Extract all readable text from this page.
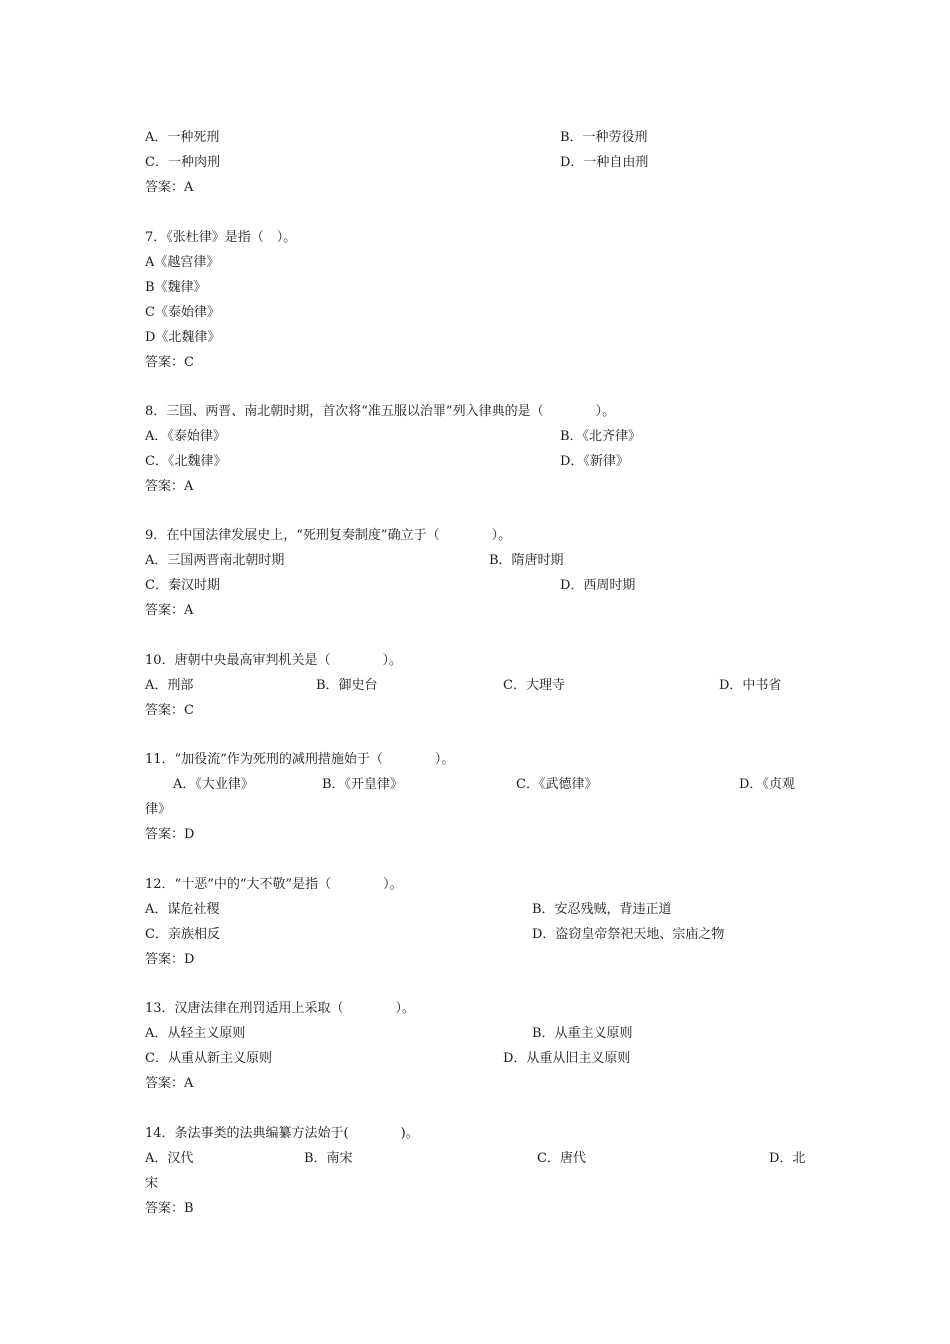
A．一种死刑	B．一种劳役刑
C．一种肉刑	D．一种自由刑
答案：A
7．《张杜律》是指（　）。
A《越宫律》
B《魏律》
C《泰始律》
D《北魏律》
答案：C
8．三国、两晋、南北朝时期，首次将“准五服以治罪”列入律典的是（　　　　）。
A．《泰始律》	B．《北齐律》
C．《北魏律》	D．《新律》
答案：A
9．在中国法律发展史上，“死刑复奏制度”确立于（　　　　）。
A．三国两晋南北朝时期	B．隋唐时期
C．秦汉时期	D．西周时期
答案：A
10．唐朝中央最高审判机关是（　　　　）。
A．刑部	B．御史台	C．大理寺	D．中书省
答案：C
11．“加役流”作为死刑的减刑措施始于（　　　　）。
A．《大业律》	B．《开皇律》	C．《武德律》	D．《贞观
律》
答案：D
12．“十恶”中的“大不敬”是指（　　　　）。
A．谋危社稷	B．安忍残贼，背违正道
C．亲族相反	D．盗窃皇帝祭祀天地、宗庙之物
答案：D
13．汉唐法律在刑罚适用上采取（　　　　）。
A．从轻主义原则	B．从重主义原则
C．从重从新主义原则	D．从重从旧主义原则
答案：A
14．条法事类的法典编纂方法始于(　　　　)。
A．汉代	B．南宋	C．唐代	D．北
宋
答案：B
